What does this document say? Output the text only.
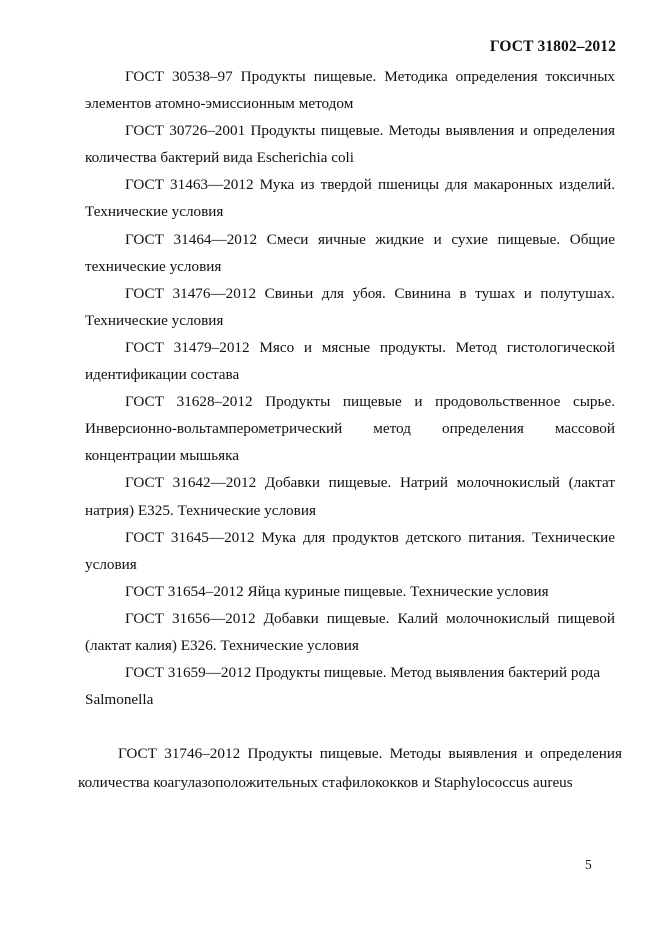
ГОСТ 31802–2012

ГОСТ 30538–97 Продукты пищевые. Методика определения токсичных элементов атомно-эмиссионным методом

ГОСТ 30726–2001 Продукты пищевые. Методы выявления и определения количества бактерий вида Escherichia coli

ГОСТ 31463—2012 Мука из твердой пшеницы для макаронных изделий. Технические условия

ГОСТ 31464—2012 Смеси яичные жидкие и сухие пищевые. Общие технические условия

ГОСТ 31476—2012 Свиньи для убоя. Свинина в тушах и полутушах. Технические условия

ГОСТ 31479–2012 Мясо и мясные продукты. Метод гистологической идентификации состава

ГОСТ 31628–2012 Продукты пищевые и продовольственное сырье. Инверсионно-вольтамперометрический метод определения массовой концентрации мышьяка

ГОСТ 31642—2012 Добавки пищевые. Натрий молочнокислый (лактат натрия) Е325. Технические условия

ГОСТ 31645—2012 Мука для продуктов детского питания. Технические условия

ГОСТ 31654–2012 Яйца куриные пищевые. Технические условия

ГОСТ 31656—2012 Добавки пищевые. Калий молочнокислый пищевой (лактат калия) Е326. Технические условия

ГОСТ 31659—2012 Продукты пищевые. Метод выявления бактерий рода Salmonella

ГОСТ 31746–2012 Продукты пищевые. Методы выявления и определения количества коагулазоположительных стафилококков и Staphylococcus aureus

5
